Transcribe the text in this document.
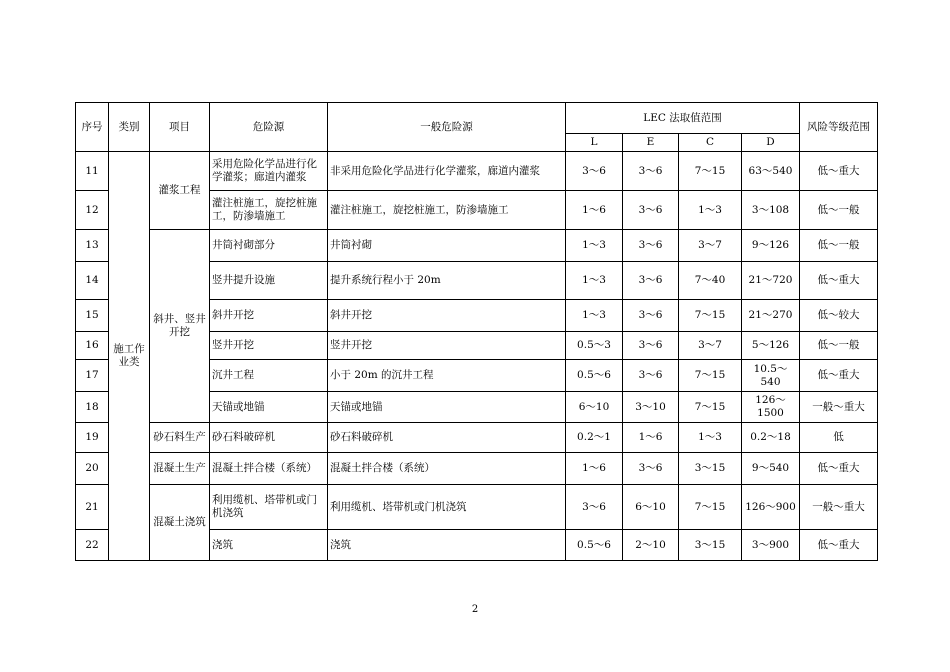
序号	类别	项目	危险源	一般危险源	LEC 法取值范围				风险等级范围
					L	E	C	D	
11	施工作业类	灌浆工程	采用危险化学品进行化学灌浆；廊道内灌浆	非采用危险化学品进行化学灌浆，廊道内灌浆	3～6	3～6	7～15	63～540	低～重大
12			灌注桩施工，旋挖桩施工，防渗墙施工	灌注桩施工，旋挖桩施工，防渗墙施工	1～6	3～6	1～3	3～108	低～一般
13		斜井、竖井开挖	井筒衬砌部分	井筒衬砌	1～3	3～6	3～7	9～126	低～一般
14			竖井提升设施	提升系统行程小于 20m	1～3	3～6	7～40	21～720	低～重大
15			斜井开挖	斜井开挖	1～3	3～6	7～15	21～270	低～较大
16			竖井开挖	竖井开挖	0.5～3	3～6	3～7	5～126	低～一般
17			沉井工程	小于 20m 的沉井工程	0.5～6	3～6	7～15	10.5～540	低～重大
18			天锚或地锚	天锚或地锚	6～10	3～10	7～15	126～1500	一般～重大
19		砂石料生产	砂石料破碎机	砂石料破碎机	0.2～1	1～6	1～3	0.2～18	低
20		混凝土生产	混凝土拌合楼（系统）	混凝土拌合楼（系统）	1～6	3～6	3～15	9～540	低～重大
21		混凝土浇筑	利用缆机、塔带机或门机浇筑	利用缆机、塔带机或门机浇筑	3～6	6～10	7～15	126～900	一般～重大
22			浇筑	浇筑	0.5～6	2～10	3～15	3～900	低～重大
2
